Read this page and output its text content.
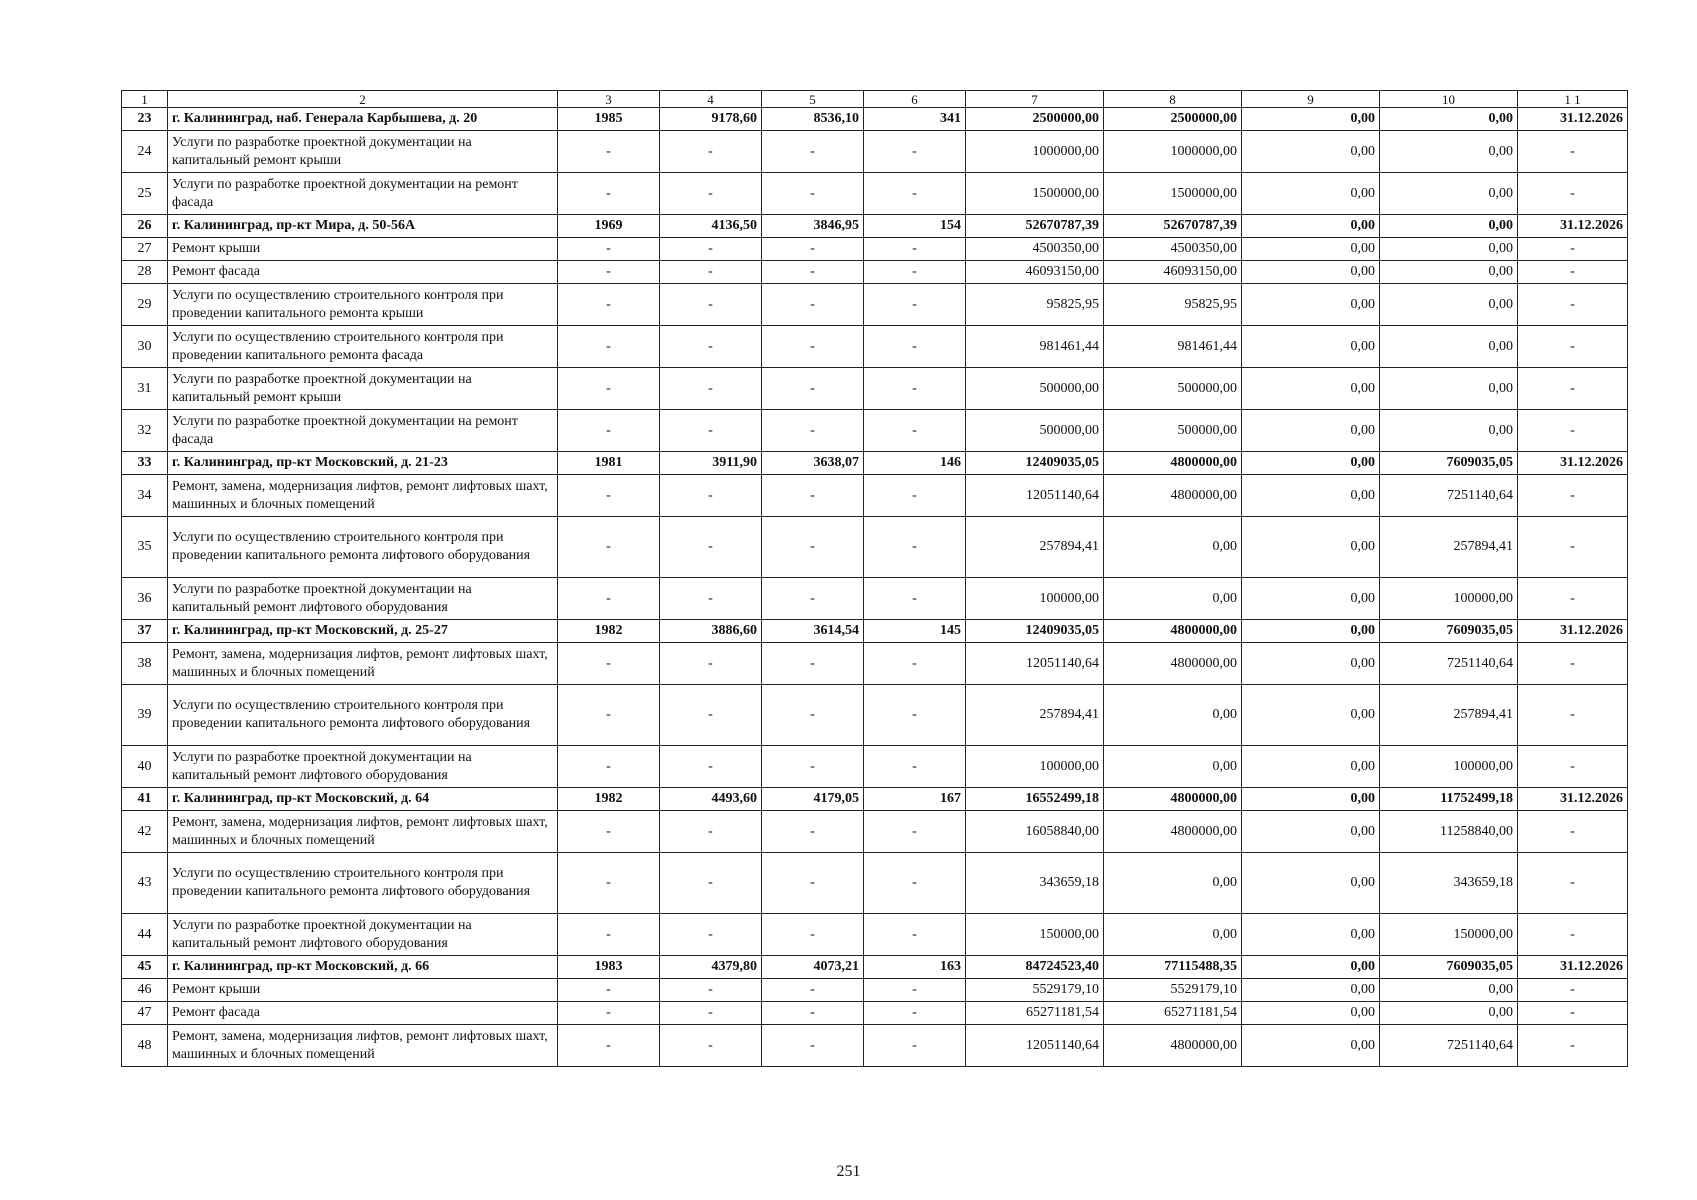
1	2	3	4	5	6	7	8	9	10	1 1
23	г. Калининград, наб. Генерала Карбышева, д. 20	1985	9178,60	8536,10	341	2500000,00	2500000,00	0,00	0,00	31.12.2026
24	Услуги по разработке проектной документации на капитальный ремонт крыши	-	-	-	-	1000000,00	1000000,00	0,00	0,00	-
25	Услуги по разработке проектной документации на ремонт фасада	-	-	-	-	1500000,00	1500000,00	0,00	0,00	-
26	г. Калининград, пр-кт Мира, д. 50-56А	1969	4136,50	3846,95	154	52670787,39	52670787,39	0,00	0,00	31.12.2026
27	Ремонт крыши	-	-	-	-	4500350,00	4500350,00	0,00	0,00	-
28	Ремонт фасада	-	-	-	-	46093150,00	46093150,00	0,00	0,00	-
29	Услуги по осуществлению строительного контроля при проведении капитального ремонта крыши	-	-	-	-	95825,95	95825,95	0,00	0,00	-
30	Услуги по осуществлению строительного контроля при проведении капитального ремонта фасада	-	-	-	-	981461,44	981461,44	0,00	0,00	-
31	Услуги по разработке проектной документации на капитальный ремонт крыши	-	-	-	-	500000,00	500000,00	0,00	0,00	-
32	Услуги по разработке проектной документации на ремонт фасада	-	-	-	-	500000,00	500000,00	0,00	0,00	-
33	г. Калининград, пр-кт Московский, д. 21-23	1981	3911,90	3638,07	146	12409035,05	4800000,00	0,00	7609035,05	31.12.2026
34	Ремонт, замена, модернизация лифтов, ремонт лифтовых шахт, машинных и блочных помещений	-	-	-	-	12051140,64	4800000,00	0,00	7251140,64	-
35	Услуги по осуществлению строительного контроля при проведении капитального ремонта лифтового оборудования	-	-	-	-	257894,41	0,00	0,00	257894,41	-
36	Услуги по разработке проектной документации на капитальный ремонт лифтового оборудования	-	-	-	-	100000,00	0,00	0,00	100000,00	-
37	г. Калининград, пр-кт Московский, д. 25-27	1982	3886,60	3614,54	145	12409035,05	4800000,00	0,00	7609035,05	31.12.2026
38	Ремонт, замена, модернизация лифтов, ремонт лифтовых шахт, машинных и блочных помещений	-	-	-	-	12051140,64	4800000,00	0,00	7251140,64	-
39	Услуги по осуществлению строительного контроля при проведении капитального ремонта лифтового оборудования	-	-	-	-	257894,41	0,00	0,00	257894,41	-
40	Услуги по разработке проектной документации на капитальный ремонт лифтового оборудования	-	-	-	-	100000,00	0,00	0,00	100000,00	-
41	г. Калининград, пр-кт Московский, д. 64	1982	4493,60	4179,05	167	16552499,18	4800000,00	0,00	11752499,18	31.12.2026
42	Ремонт, замена, модернизация лифтов, ремонт лифтовых шахт, машинных и блочных помещений	-	-	-	-	16058840,00	4800000,00	0,00	11258840,00	-
43	Услуги по осуществлению строительного контроля при проведении капитального ремонта лифтового оборудования	-	-	-	-	343659,18	0,00	0,00	343659,18	-
44	Услуги по разработке проектной документации на капитальный ремонт лифтового оборудования	-	-	-	-	150000,00	0,00	0,00	150000,00	-
45	г. Калининград, пр-кт Московский, д. 66	1983	4379,80	4073,21	163	84724523,40	77115488,35	0,00	7609035,05	31.12.2026
46	Ремонт крыши	-	-	-	-	5529179,10	5529179,10	0,00	0,00	-
47	Ремонт фасада	-	-	-	-	65271181,54	65271181,54	0,00	0,00	-
48	Ремонт, замена, модернизация лифтов, ремонт лифтовых шахт, машинных и блочных помещений	-	-	-	-	12051140,64	4800000,00	0,00	7251140,64	-
251
